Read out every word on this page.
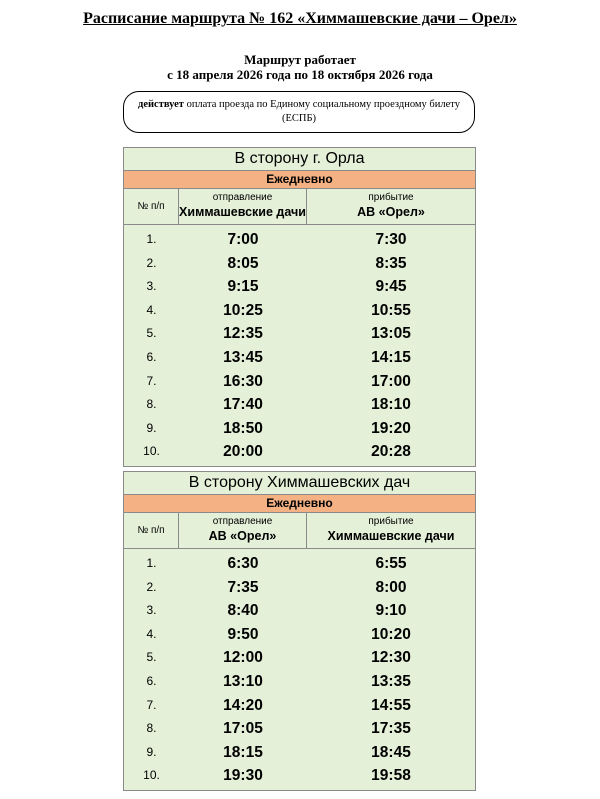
Расписание маршрута № 162 «Химмашевские дачи – Орел»
Маршрут работает
с 18 апреля 2026 года по 18 октября 2026 года
действует оплата проезда по Единому социальному проездному билету (ЕСПБ)
В сторону г. Орла
Ежедневно
№ п/п
отправление
Химмашевские дачи
прибытие
АВ «Орел»
1.	7:00	7:30
2.	8:05	8:35
3.	9:15	9:45
4.	10:25	10:55
5.	12:35	13:05
6.	13:45	14:15
7.	16:30	17:00
8.	17:40	18:10
9.	18:50	19:20
10.	20:00	20:28
В сторону Химмашевских дач
Ежедневно
№ п/п
отправление
АВ «Орел»
прибытие
Химмашевские дачи
1.	6:30	6:55
2.	7:35	8:00
3.	8:40	9:10
4.	9:50	10:20
5.	12:00	12:30
6.	13:10	13:35
7.	14:20	14:55
8.	17:05	17:35
9.	18:15	18:45
10.	19:30	19:58
